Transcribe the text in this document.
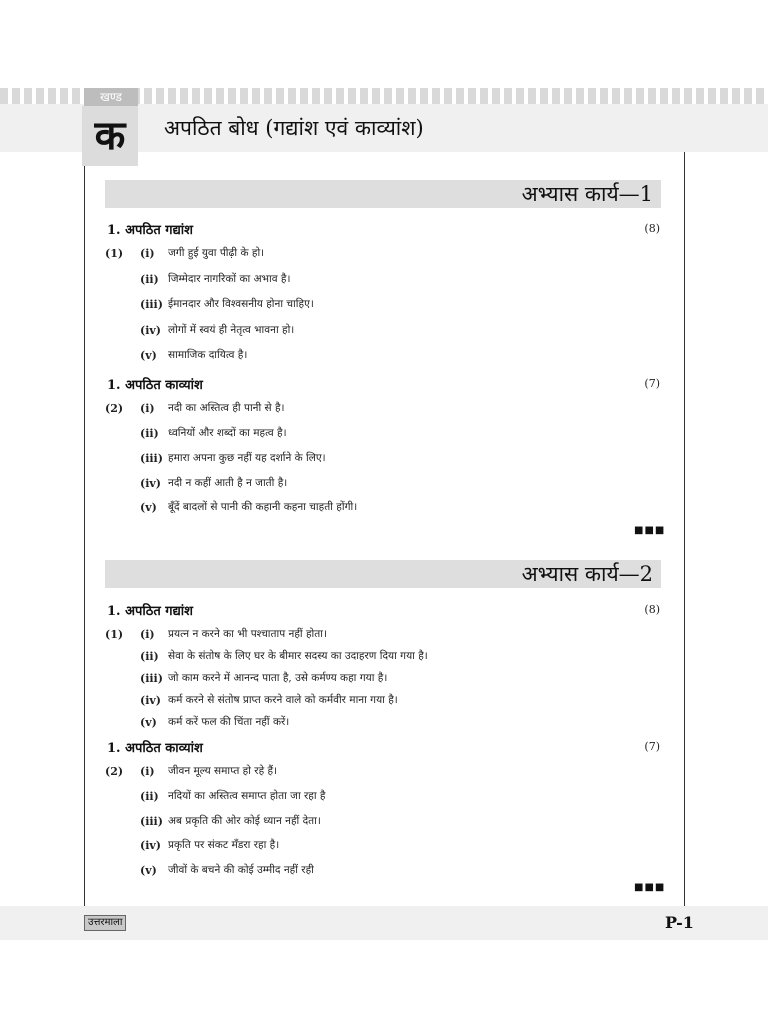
खण्ड
क	अपठित बोध (गद्यांश एवं काव्यांश)
अभ्यास कार्य—1
1. अपठित गद्यांश	(8)
(1) (i) जगी हुई युवा पीढ़ी के हो।
(ii) जिम्मेदार नागरिकों का अभाव है।
(iii) ईमानदार और विश्वसनीय होना चाहिए।
(iv) लोगों में स्वयं ही नेतृत्व भावना हो।
(v) सामाजिक दायित्व है।
1. अपठित काव्यांश	(7)
(2) (i) नदी का अस्तित्व ही पानी से है।
(ii) ध्वनियों और शब्दों का महत्व है।
(iii) हमारा अपना कुछ नहीं यह दर्शाने के लिए।
(iv) नदी न कहीं आती है न जाती है।
(v) बूँदें बादलों से पानी की कहानी कहना चाहती होंगी।
■■■
अभ्यास कार्य—2
1. अपठित गद्यांश	(8)
(1) (i) प्रयत्न न करने का भी पश्चाताप नहीं होता।
(ii) सेवा के संतोष के लिए घर के बीमार सदस्य का उदाहरण दिया गया है।
(iii) जो काम करने में आनन्द पाता है, उसे कर्मण्य कहा गया है।
(iv) कर्म करने से संतोष प्राप्त करने वाले को कर्मवीर माना गया है।
(v) कर्म करें फल की चिंता नहीं करें।
1. अपठित काव्यांश	(7)
(2) (i) जीवन मूल्य समाप्त हो रहे हैं।
(ii) नदियों का अस्तित्व समाप्त होता जा रहा है
(iii) अब प्रकृति की ओर कोई ध्यान नहीं देता।
(iv) प्रकृति पर संकट मँडरा रहा है।
(v) जीवों के बचने की कोई उम्मीद नहीं रही
■■■
उत्तरमाला	P-1
